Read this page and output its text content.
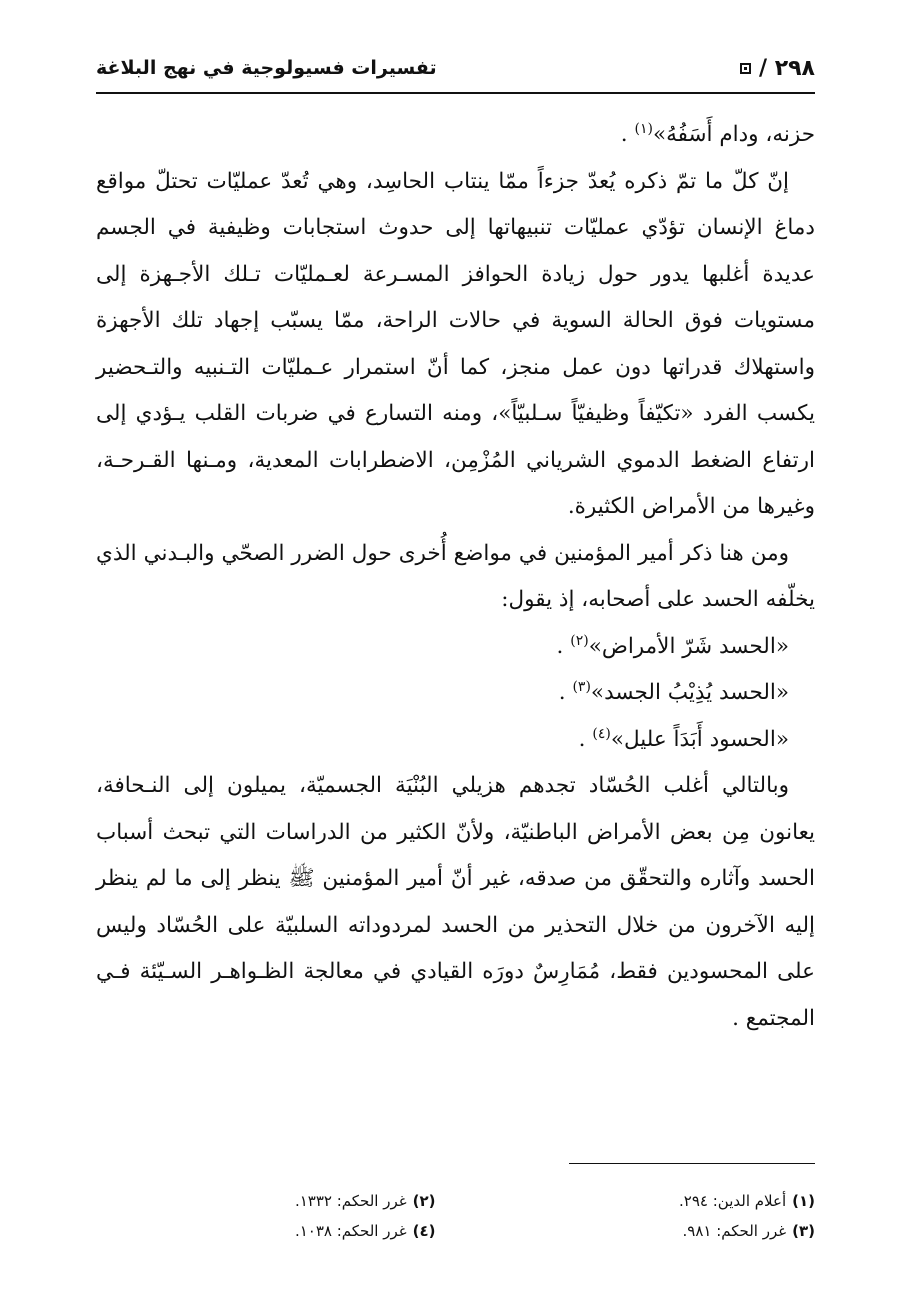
٢٩٨ /
تفسيرات فسيولوجية في نهج البلاغة

حزنه، ودام أَسَفُهُ»$^{(١)}$ .

إنّ كلّ ما تمّ ذكره يُعدّ جزءاً ممّا ينتاب الحاسِد، وهي تُعدّ عمليّات تحتلّ مواقع دماغ الإنسان تؤدّي عمليّات تنبيهاتها إلى حدوث استجابات وظيفية في الجسم عديدة أغلبها يدور حول زيادة الحوافز المسـرعة لعـمليّات تـلك الأجـهزة إلى مستويات فوق الحالة السوية في حالات الراحة، ممّا يسبّب إجهاد تلك الأجهزة واستهلاك قدراتها دون عمل منجز، كما أنّ استمرار عـمليّات التـنبيه والتـحضير يكسب الفرد «تكيّفاً وظيفيّاً سـلبيّاً»، ومنه التسارع في ضربات القلب يـؤدي إلى ارتفاع الضغط الدموي الشرياني المُزْمِن، الاضطرابات المعدية، ومـنها القـرحـة، وغيرها من الأمراض الكثيرة.

ومن هنا ذكر أمير المؤمنين في مواضع أُخرى حول الضرر الصحّي والبـدني الذي يخلّفه الحسد على أصحابه، إذ يقول:

«الحسد شَرّ الأمراض»$^{(٢)}$ .

«الحسد يُذِيْبُ الجسد»$^{(٣)}$ .

«الحسود أَبَدَاً عليل»$^{(٤)}$ .

وبالتالي أغلب الحُسّاد تجدهم هزيلي البُنْيَة الجسميّة، يميلون إلى النـحافة، يعانون مِن بعض الأمراض الباطنيّة، ولأنّ الكثير من الدراسات التي تبحث أسباب الحسد وآثاره والتحقّق من صدقه، غير أنّ أمير المؤمنين ﷺ ينظر إلى ما لم ينظر إليه الآخرون من خلال التحذير من الحسد لمردوداته السلبيّة على الحُسّاد وليس على المحسودين فقط، مُمَارِسٌ دورَه القيادي في معالجة الظـواهـر السـيّئة فـي المجتمع .

(١)أعلام الدين: ٢٩٤.
(٢)غرر الحكم: ١٣٣٢.
(٣)غرر الحكم: ٩٨١.
(٤)غرر الحكم: ١٠٣٨.
